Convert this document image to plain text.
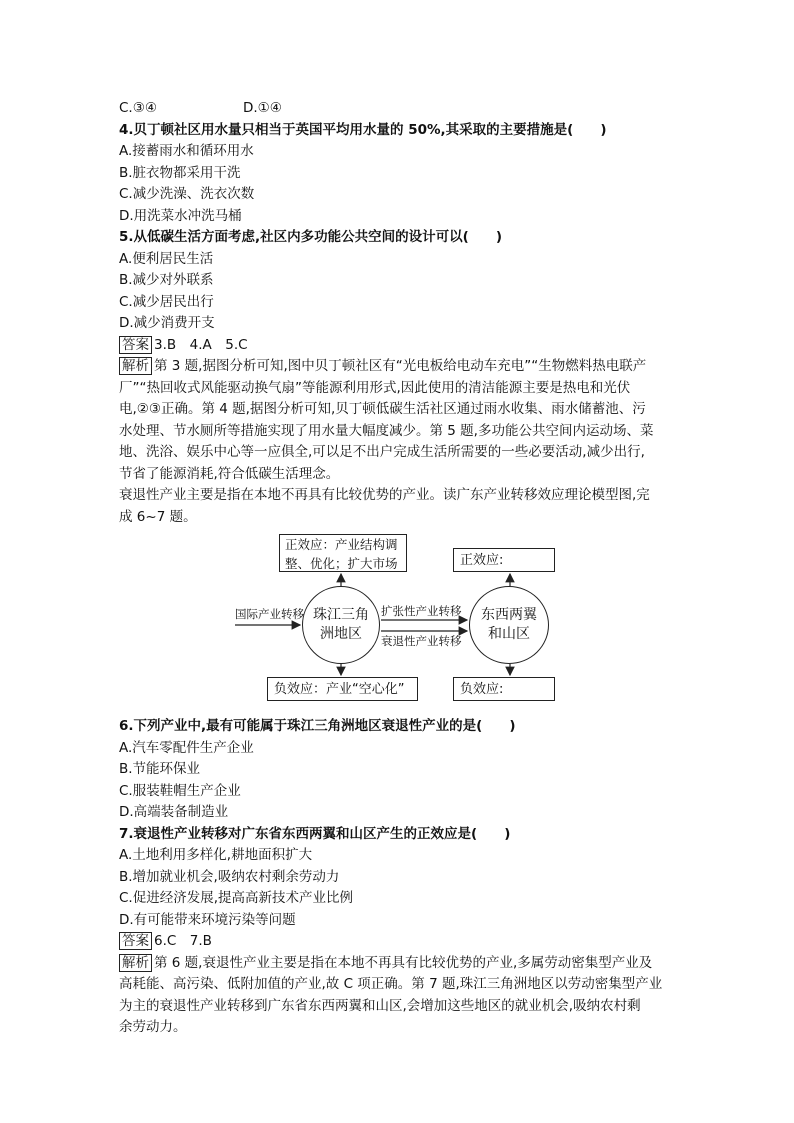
C.③④	D.①④
4.贝丁顿社区用水量只相当于英国平均用水量的 50%,其采取的主要措施是(　　)
A.接蓄雨水和循环用水
B.脏衣物都采用干洗
C.减少洗澡、洗衣次数
D.用洗菜水冲洗马桶
5.从低碳生活方面考虑,社区内多功能公共空间的设计可以(　　)
A.便利居民生活
B.减少对外联系
C.减少居民出行
D.减少消费开支
答案 3.B　4.A　5.C
解析 第 3 题,据图分析可知,图中贝丁顿社区有“光电板给电动车充电”“生物燃料热电联产
厂”“热回收式风能驱动换气扇”等能源利用形式,因此使用的清洁能源主要是热电和光伏
电,②③正确。第 4 题,据图分析可知,贝丁顿低碳生活社区通过雨水收集、雨水储蓄池、污
水处理、节水厕所等措施实现了用水量大幅度减少。第 5 题,多功能公共空间内运动场、菜
地、洗浴、娱乐中心等一应俱全,可以足不出户完成生活所需要的一些必要活动,减少出行,
节省了能源消耗,符合低碳生活理念。
衰退性产业主要是指在本地不再具有比较优势的产业。读广东产业转移效应理论模型图,完
成 6~7 题。
正效应：产业结构调整、优化；扩大市场	正效应:
负效应：产业“空心化”	负效应:
珠江三角洲地区
东西两翼和山区
国际产业转移	扩张性产业转移
衰退性产业转移
6.下列产业中,最有可能属于珠江三角洲地区衰退性产业的是(　　)
A.汽车零配件生产企业
B.节能环保业
C.服装鞋帽生产企业
D.高端装备制造业
7.衰退性产业转移对广东省东西两翼和山区产生的正效应是(　　)
A.土地利用多样化,耕地面积扩大
B.增加就业机会,吸纳农村剩余劳动力
C.促进经济发展,提高高新技术产业比例
D.有可能带来环境污染等问题
答案 6.C　7.B
解析 第 6 题,衰退性产业主要是指在本地不再具有比较优势的产业,多属劳动密集型产业及
高耗能、高污染、低附加值的产业,故 C 项正确。第 7 题,珠江三角洲地区以劳动密集型产业
为主的衰退性产业转移到广东省东西两翼和山区,会增加这些地区的就业机会,吸纳农村剩
余劳动力。
